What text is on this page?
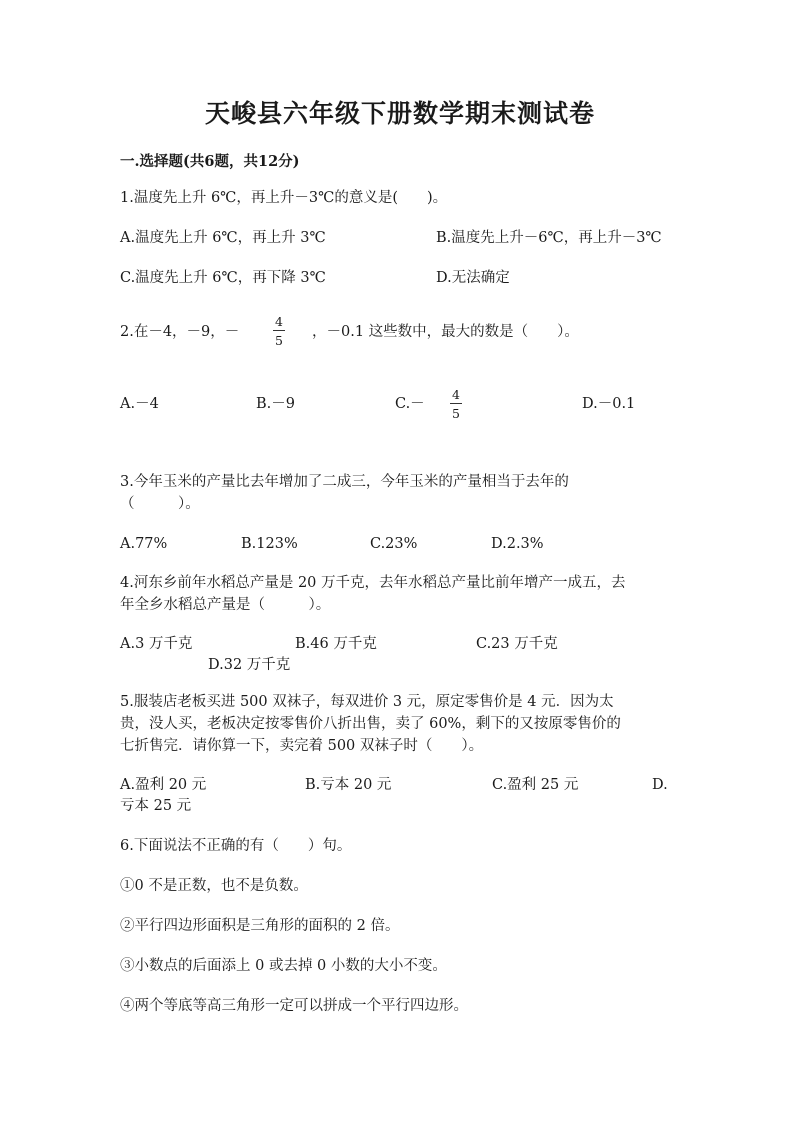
天峻县六年级下册数学期末测试卷
一.选择题(共6题，共12分)
1.温度先上升 6℃，再上升－3℃的意义是(　　)。
A.温度先上升 6℃，再上升 3℃	B.温度先上升－6℃，再上升－3℃
C.温度先上升 6℃，再下降 3℃	D.无法确定
2.在－4，－9，－
4
5
，－0.1 这些数中，最大的数是（　　）。
A.－4	B.－9	C.－
4
5
D.－0.1
3.今年玉米的产量比去年增加了二成三，今年玉米的产量相当于去年的
（　　　）。
A.77%	B.123%	C.23%	D.2.3%
4.河东乡前年水稻总产量是 20 万千克，去年水稻总产量比前年增产一成五，去
年全乡水稻总产量是（　　　）。
A.3 万千克	B.46 万千克	C.23 万千克
D.32 万千克
5.服装店老板买进 500 双袜子，每双进价 3 元，原定零售价是 4 元．因为太
贵，没人买，老板决定按零售价八折出售，卖了 60%，剩下的又按原零售价的
七折售完．请你算一下，卖完着 500 双袜子时（　　）。
A.盈利 20 元	B.亏本 20 元	C.盈利 25 元	D.
亏本 25 元
6.下面说法不正确的有（　　）句。
①0 不是正数，也不是负数。
②平行四边形面积是三角形的面积的 2 倍。
③小数点的后面添上 0 或去掉 0 小数的大小不变。
④两个等底等高三角形一定可以拼成一个平行四边形。
